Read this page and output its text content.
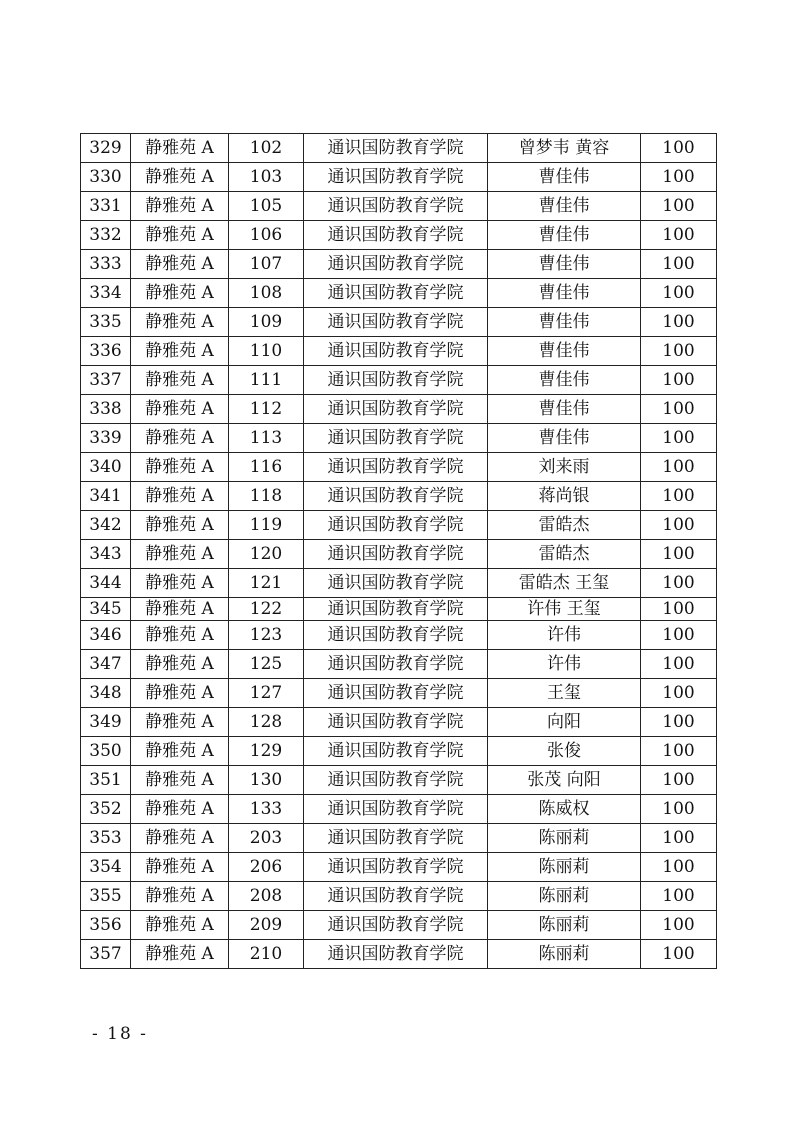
329	静雅苑 A	102	通识国防教育学院	曾梦韦 黄容	100
330	静雅苑 A	103	通识国防教育学院	曹佳伟	100
331	静雅苑 A	105	通识国防教育学院	曹佳伟	100
332	静雅苑 A	106	通识国防教育学院	曹佳伟	100
333	静雅苑 A	107	通识国防教育学院	曹佳伟	100
334	静雅苑 A	108	通识国防教育学院	曹佳伟	100
335	静雅苑 A	109	通识国防教育学院	曹佳伟	100
336	静雅苑 A	110	通识国防教育学院	曹佳伟	100
337	静雅苑 A	111	通识国防教育学院	曹佳伟	100
338	静雅苑 A	112	通识国防教育学院	曹佳伟	100
339	静雅苑 A	113	通识国防教育学院	曹佳伟	100
340	静雅苑 A	116	通识国防教育学院	刘来雨	100
341	静雅苑 A	118	通识国防教育学院	蒋尚银	100
342	静雅苑 A	119	通识国防教育学院	雷皓杰	100
343	静雅苑 A	120	通识国防教育学院	雷皓杰	100
344	静雅苑 A	121	通识国防教育学院	雷皓杰 王玺	100
345	静雅苑 A	122	通识国防教育学院	许伟 王玺	100
346	静雅苑 A	123	通识国防教育学院	许伟	100
347	静雅苑 A	125	通识国防教育学院	许伟	100
348	静雅苑 A	127	通识国防教育学院	王玺	100
349	静雅苑 A	128	通识国防教育学院	向阳	100
350	静雅苑 A	129	通识国防教育学院	张俊	100
351	静雅苑 A	130	通识国防教育学院	张茂 向阳	100
352	静雅苑 A	133	通识国防教育学院	陈威权	100
353	静雅苑 A	203	通识国防教育学院	陈丽莉	100
354	静雅苑 A	206	通识国防教育学院	陈丽莉	100
355	静雅苑 A	208	通识国防教育学院	陈丽莉	100
356	静雅苑 A	209	通识国防教育学院	陈丽莉	100
357	静雅苑 A	210	通识国防教育学院	陈丽莉	100
- 18 -
